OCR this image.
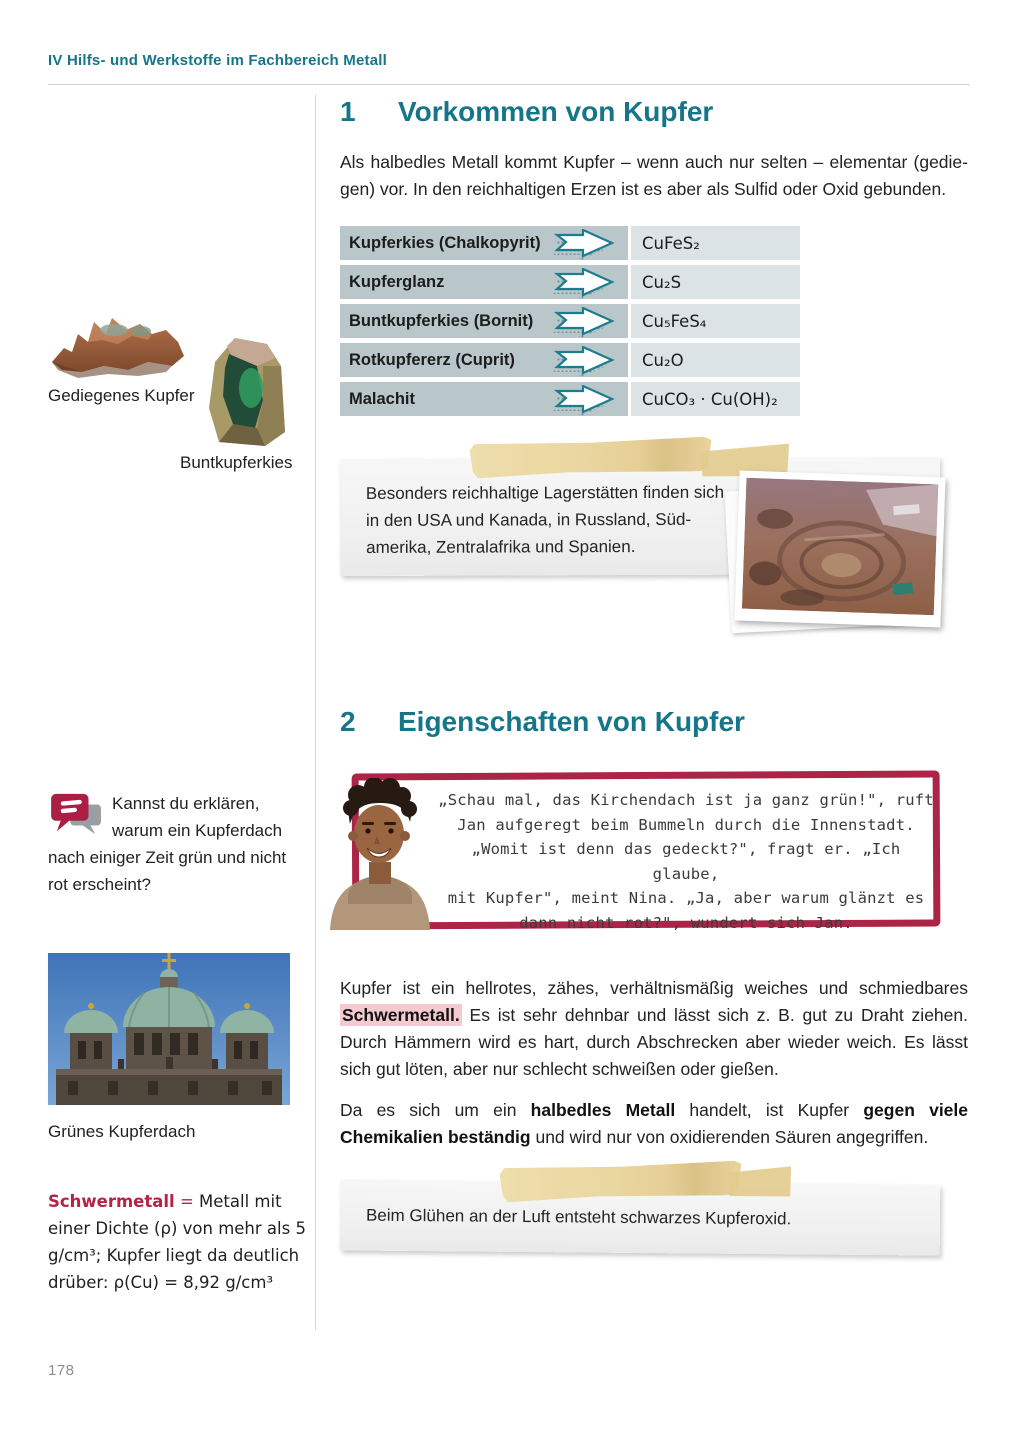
IV Hilfs- und Werkstoffe im Fachbereich Metall
1	Vorkommen von Kupfer
Als halbedles Metall kommt Kupfer – wenn auch nur selten – elementar (gedie-
gen) vor. In den reichhaltigen Erzen ist es aber als Sulfid oder Oxid gebunden.
Kupferkies (Chalkopyrit)	CuFeS₂
Kupferglanz	Cu₂S
Buntkupferkies (Bornit)	Cu₅FeS₄
Rotkupfererz (Cuprit)	Cu₂O
Malachit	CuCO₃ · Cu(OH)₂
Gediegenes Kupfer
Buntkupferkies
Besonders reichhaltige Lagerstätten finden sich
in den USA und Kanada, in Russland, Süd-
amerika, Zentralafrika und Spanien.
2	Eigenschaften von Kupfer
„Schau mal, das Kirchendach ist ja ganz grün!", ruft
Jan aufgeregt beim Bummeln durch die Innenstadt.
„Womit ist denn das gedeckt?", fragt er. „Ich glaube,
mit Kupfer", meint Nina. „Ja, aber warum glänzt es
dann nicht rot?", wundert sich Jan.
Kannst du erklären, warum ein Kupferdach nach einiger Zeit grün und nicht rot erscheint?
Grünes Kupferdach
Kupfer ist ein hellrotes, zähes, verhältnismäßig weiches und schmiedbares Schwermetall. Es ist sehr dehnbar und lässt sich z. B. gut zu Draht ziehen. Durch Hämmern wird es hart, durch Abschrecken aber wieder weich. Es lässt sich gut löten, aber nur schlecht schweißen oder gießen.
Da es sich um ein halbedles Metall handelt, ist Kupfer gegen viele Chemikalien beständig und wird nur von oxidierenden Säuren angegriffen.
Schwermetall = Metall mit einer Dichte (ρ) von mehr als 5 g/cm³; Kupfer liegt da deutlich drüber: ρ(Cu) = 8,92 g/cm³
Beim Glühen an der Luft entsteht schwarzes Kupferoxid.
178
